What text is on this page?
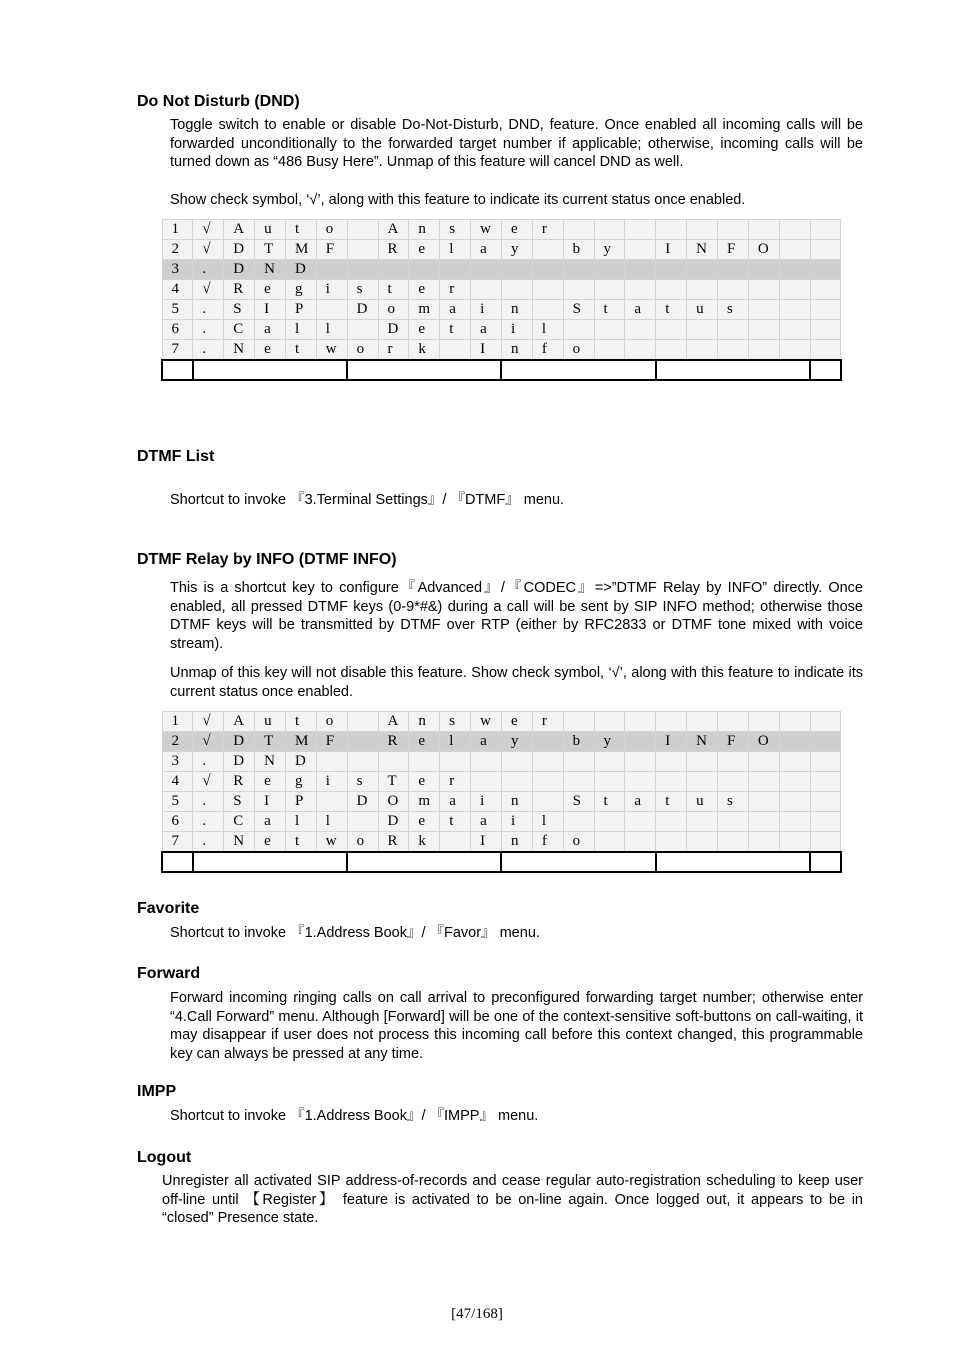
Do Not Disturb (DND)

Toggle switch to enable or disable Do-Not-Disturb, DND, feature. Once enabled all incoming calls will be forwarded unconditionally to the forwarded target number if applicable; otherwise, incoming calls will be turned down as “486 Busy Here”. Unmap of this feature will cancel DND as well.

Show check symbol, ‘√’, along with this feature to indicate its current status once enabled.

1	√	A	u	t	o		A	n	s	w	e	r									
2	√	D	T	M	F		R	e	l	a	y		b	y		I	N	F	O		
3	.	D	N	D																	
4	√	R	e	g	i	s	t	e	r												
5	.	S	I	P		D	o	m	a	i	n		S	t	a	t	u	s			
6	.	C	a	l	l		D	e	t	a	i	l									
7	.	N	e	t	w	o	r	k		I	n	f	o								

DTMF List

Shortcut to invoke 『3.Terminal Settings』/ 『DTMF』 menu.

DTMF Relay by INFO (DTMF INFO)

This is a shortcut key to configure『Advanced』/『CODEC』=>”DTMF Relay by INFO” directly. Once enabled, all pressed DTMF keys (0-9*#&) during a call will be sent by SIP INFO method; otherwise those DTMF keys will be transmitted by DTMF over RTP (either by RFC2833 or DTMF tone mixed with voice stream).

Unmap of this key will not disable this feature. Show check symbol, ‘√’, along with this feature to indicate its current status once enabled.

1	√	A	u	t	o		A	n	s	w	e	r									
2	√	D	T	M	F		R	e	l	a	y		b	y		I	N	F	O		
3	.	D	N	D																	
4	√	R	e	g	i	s	T	e	r												
5	.	S	I	P		D	O	m	a	i	n		S	t	a	t	u	s			
6	.	C	a	l	l		D	e	t	a	i	l									
7	.	N	e	t	w	o	R	k		I	n	f	o								

Favorite

Shortcut to invoke 『1.Address Book』/ 『Favor』 menu.

Forward

Forward incoming ringing calls on call arrival to preconfigured forwarding target number; otherwise enter “4.Call Forward” menu. Although [Forward] will be one of the context-sensitive soft-buttons on call-waiting, it may disappear if user does not process this incoming call before this context changed, this programmable key can always be pressed at any time.

IMPP

Shortcut to invoke 『1.Address Book』/ 『IMPP』 menu.

Logout

Unregister all activated SIP address-of-records and cease regular auto-registration scheduling to keep user off-line until 【Register】 feature is activated to be on-line again. Once logged out, it appears to be in “closed” Presence state.

[47/168]
